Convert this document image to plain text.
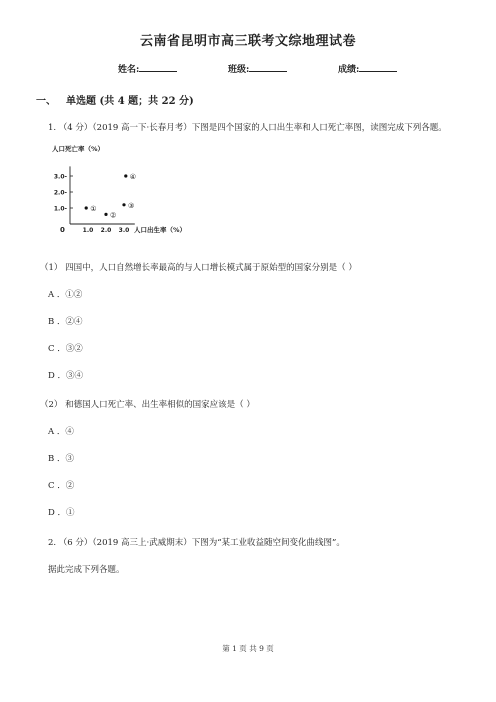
云南省昆明市高三联考文综地理试卷
姓名:	班级:	成绩:
一、 单选题 (共 4 题；共 22 分)
1. （4 分）（2019 高一下·长春月考）下图是四个国家的人口出生率和人口死亡率图，读图完成下列各题。
人口死亡率（%）
0
1.0-
2.0-
3.0-
1.0 2.0 3.0 人口出生率（%）
①
②
③
④
（1） 四国中，人口自然增长率最高的与人口增长模式属于原始型的国家分别是（ ）
A ．①②
B ．②④
C ．③②
D ．③④
（2） 和德国人口死亡率、出生率相似的国家应该是（ ）
A ．④
B ．③
C ．②
D ．①
2. （6 分）（2019 高三上·武威期末）下图为“某工业收益随空间变化曲线图”。
据此完成下列各题。
第 1 页 共 9 页
